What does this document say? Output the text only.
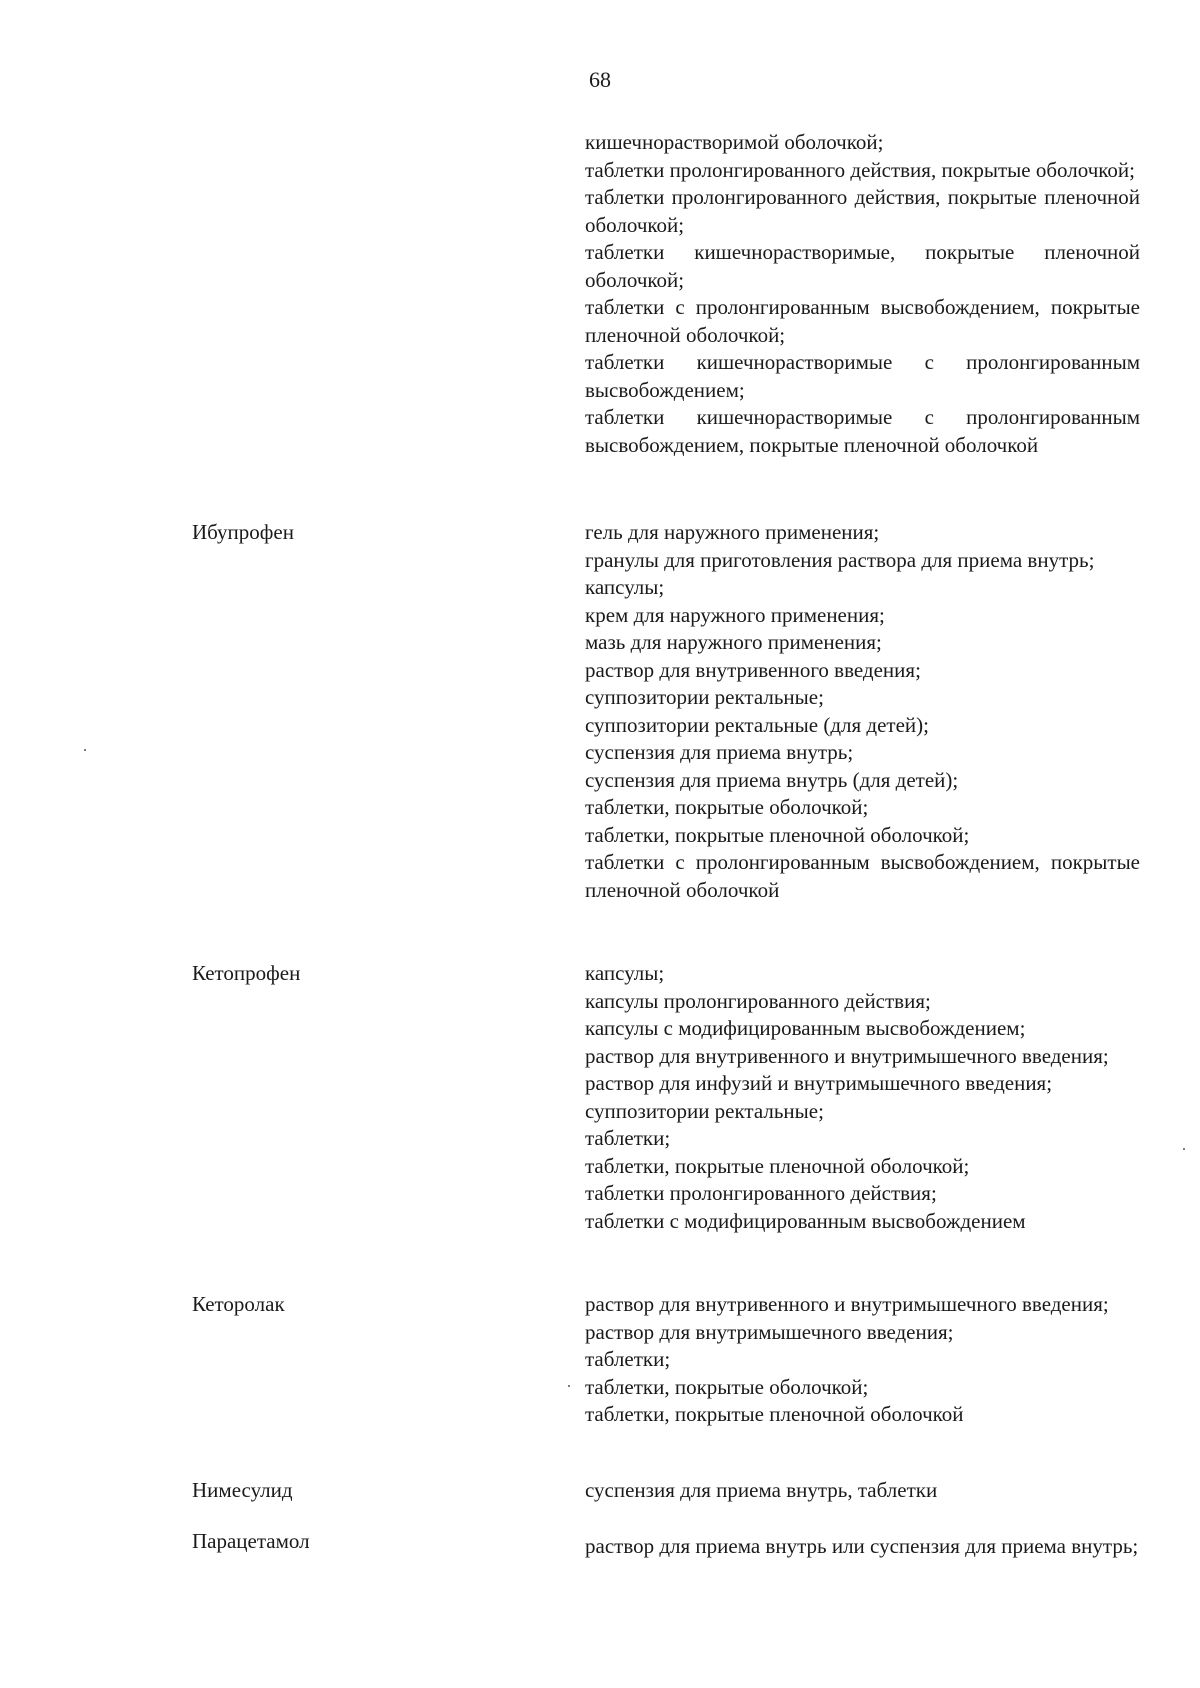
68
кишечнорастворимой оболочкой;
таблетки пролонгированного действия, покрытые оболочкой;
таблетки пролонгированного действия, покрытые пленочной оболочкой;
таблетки кишечнорастворимые, покрытые пленочной оболочкой;
таблетки с пролонгированным высвобождением, покрытые пленочной оболочкой;
таблетки кишечнорастворимые с пролонгированным высвобождением;
таблетки кишечнорастворимые с пролонгированным высвобождением, покрытые пленочной оболочкой
Ибупрофен	гель для наружного применения;
гранулы для приготовления раствора для приема внутрь;
капсулы;
крем для наружного применения;
мазь для наружного применения;
раствор для внутривенного введения;
суппозитории ректальные;
суппозитории ректальные (для детей);
суспензия для приема внутрь;
суспензия для приема внутрь (для детей);
таблетки, покрытые оболочкой;
таблетки, покрытые пленочной оболочкой;
таблетки с пролонгированным высвобождением, покрытые пленочной оболочкой
Кетопрофен	капсулы;
капсулы пролонгированного действия;
капсулы с модифицированным высвобождением;
раствор для внутривенного и внутримышечного введения;
раствор для инфузий и внутримышечного введения;
суппозитории ректальные;
таблетки;
таблетки, покрытые пленочной оболочкой;
таблетки пролонгированного действия;
таблетки с модифицированным высвобождением
Кеторолак	раствор для внутривенного и внутримышечного введения;
раствор для внутримышечного введения;
таблетки;
таблетки, покрытые оболочкой;
таблетки, покрытые пленочной оболочкой
Нимесулид	суспензия для приема внутрь, таблетки
Парацетамол	раствор для приема внутрь или суспензия для приема внутрь;
